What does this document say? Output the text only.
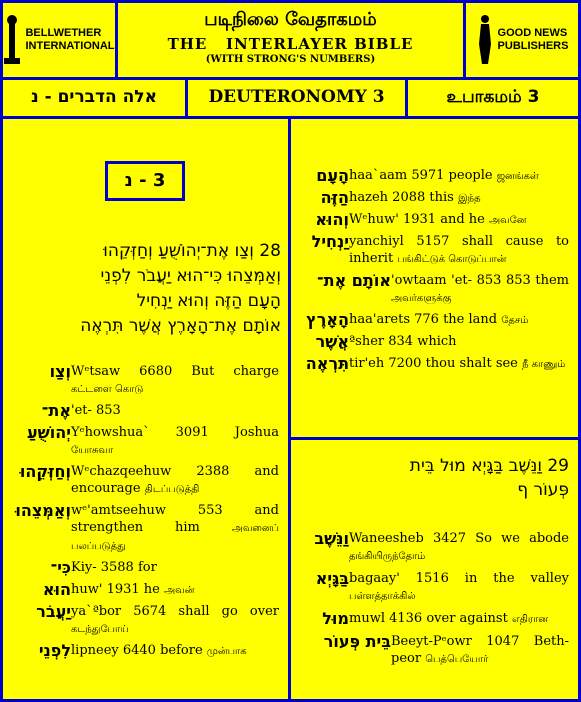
BELLWETHER
INTERNATIONAL
படிநிலை வேதாகமம்
THE   INTERLAYER BIBLE
(WITH STRONG'S NUMBERS)
GOOD NEWS
PUBLISHERS
אלה הדברים - נ	DEUTERONOMY 3	உபாகமம் 3
3 - נ
28 וְצַו אֶת־יְהוֹשֻׁעַ וְחַזְּקֵהוּ
וְאַמְּצֵהוּ כִּי־הוּא יַעֲבֹר לִפְנֵי
הָעָם הַזֶּה וְהוּא יַנְחִיל
אוֹתָם אֶת־הָאָרֶץ אֲשֶׁר תִּרְאֶה
וְצַו Wᵉtsaw 6680 But charge கட்டளை கொடு
אֶת־ 'et- 853
יְהוֹשֻׁעַ Yᵉhowshua` 3091 Joshua யோசுவா
וְחַזְּקֵהוּ Wᵉchazqeehuw 2388 and encourage திடப்படுத்தி
וְאַמְּצֵהוּ wᵉ'amtseehuw 553 and strengthen him	அவனைப் பலப்படுத்து
כִּי־ Kiy- 3588 for
הוּא huw' 1931 he அவன்
יַעֲבֹר ya`ªbor 5674 shall go over கடந்துபோய்
לִפְנֵי lipneey 6440 before முன்பாக
הָעָם haa`aam 5971 people ஜனங்கள்
הַזֶּה hazeh 2088 this இந்த
וְהוּא Wᵉhuw' 1931 and he அவனே
יַנְחִיל yanchiyl 5157 shall cause to inherit பங்கிட்டுக் கொடுப்பான்
אוֹתָם אֶת־ 'owtaam 'et- 853 853 them அவர்களுக்கு
הָאָרֶץ haa'arets 776 the land தேசம்
אֲשֶׁר ªsher 834 which
תִּרְאֶה tir'eh 7200 thou shalt see நீ காணும்
29 וַנֵּשֶׁב בַּגָּיְא מוּל בֵּית
פְּעוֹר ף
וַנֵּשֶׁב Waneesheb 3427 So we abode தங்கியிருந்தோம்
בַּגָּיְא bagaay' 1516 in the valley பள்ளத்தாக்கில்
מוּל muwl 4136 over against எதிரான
בֵּית פְּעוֹר Beeyt-Pᵉowr 1047 Beth-peor பெத்பெயோர்
